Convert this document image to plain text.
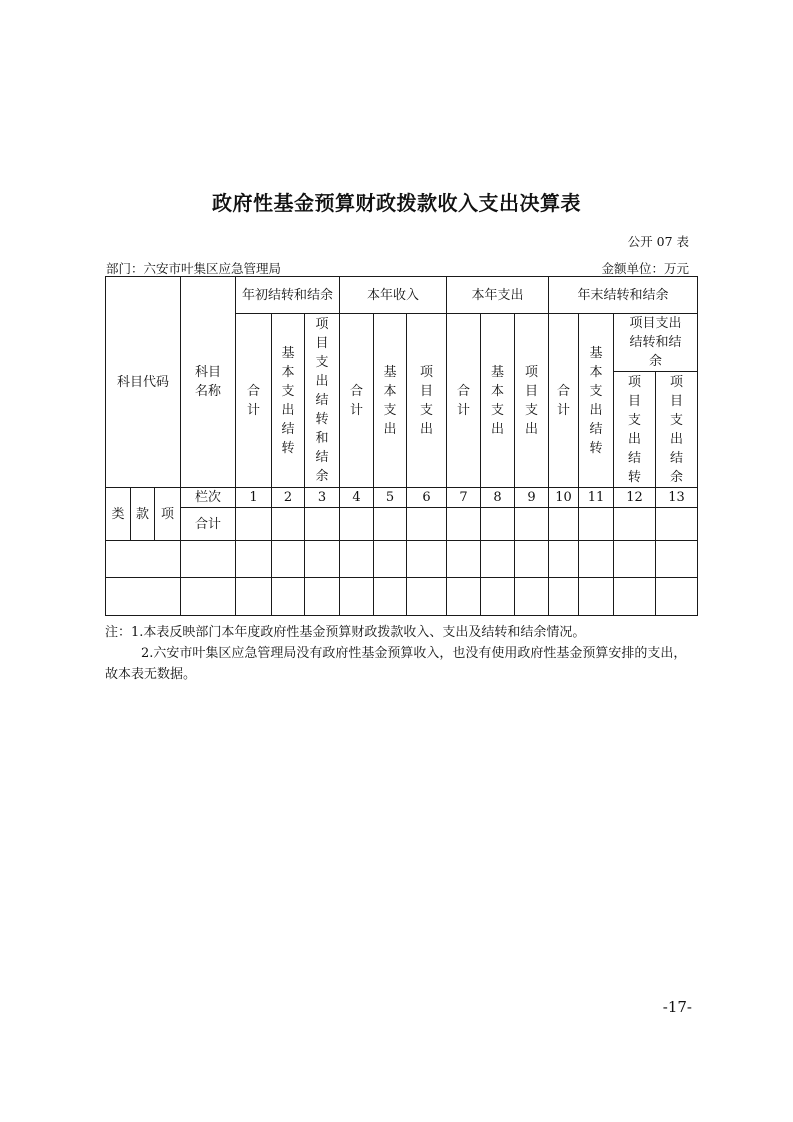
政府性基金预算财政拨款收入支出决算表
公开 07 表
部门：六安市叶集区应急管理局	金额单位：万元
科目代码			科目名称	年初结转和结余			本年收入			本年支出			年末结转和结余			
				合计	基本支出结转	项目支出结转和结余	合计	基本支出	项目支出	合计	基本支出	项目支出	合计	基本支出结转	项目支出结转和结余	

															项目支出结转	项目支出结余

类	款	项	栏次	1	2	3	4	5	6	7	8	9	10	11	12	13
			合计													

注：1.本表反映部门本年度政府性基金预算财政拨款收入、支出及结转和结余情况。

2.六安市叶集区应急管理局没有政府性基金预算收入，也没有使用政府性基金预算安排的支出，故本表无数据。

-17-
